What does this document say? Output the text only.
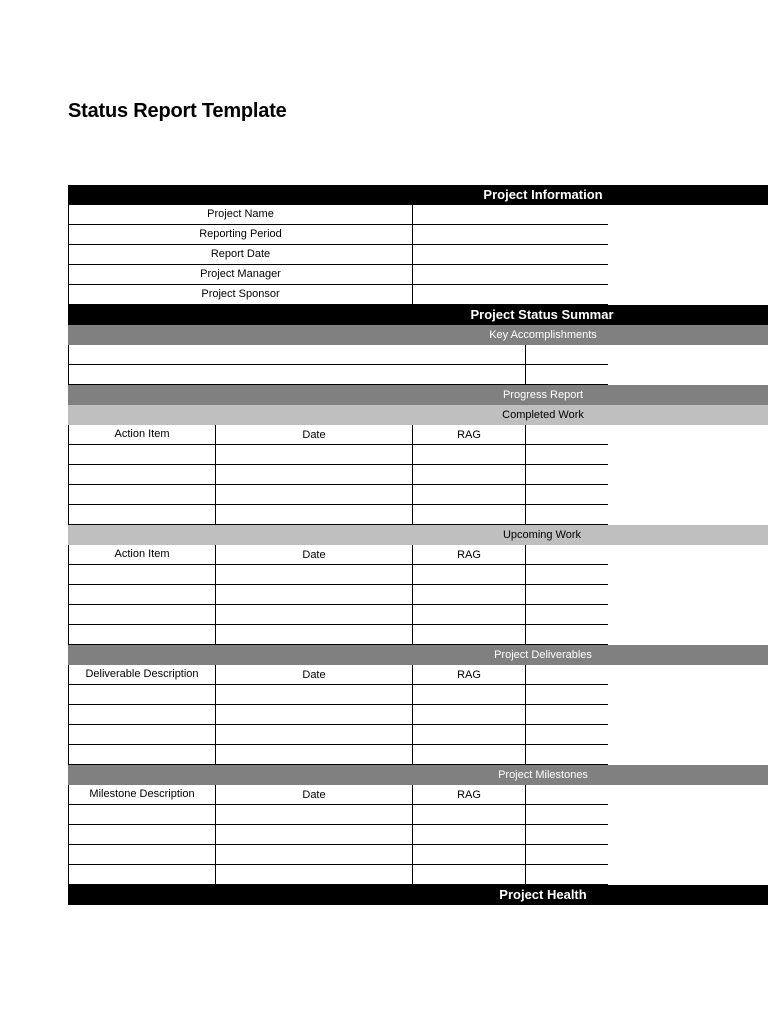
Status Report Template
Project Information
Project Name
Reporting Period
Report Date
Project Manager
Project Sponsor
Project Status Summar
Key Accomplishments
Progress Report
Completed Work
Action Item	Date	RAG
Upcoming Work
Action Item	Date	RAG
Project Deliverables
Deliverable Description	Date	RAG
Project Milestones
Milestone Description	Date	RAG
Project Health
